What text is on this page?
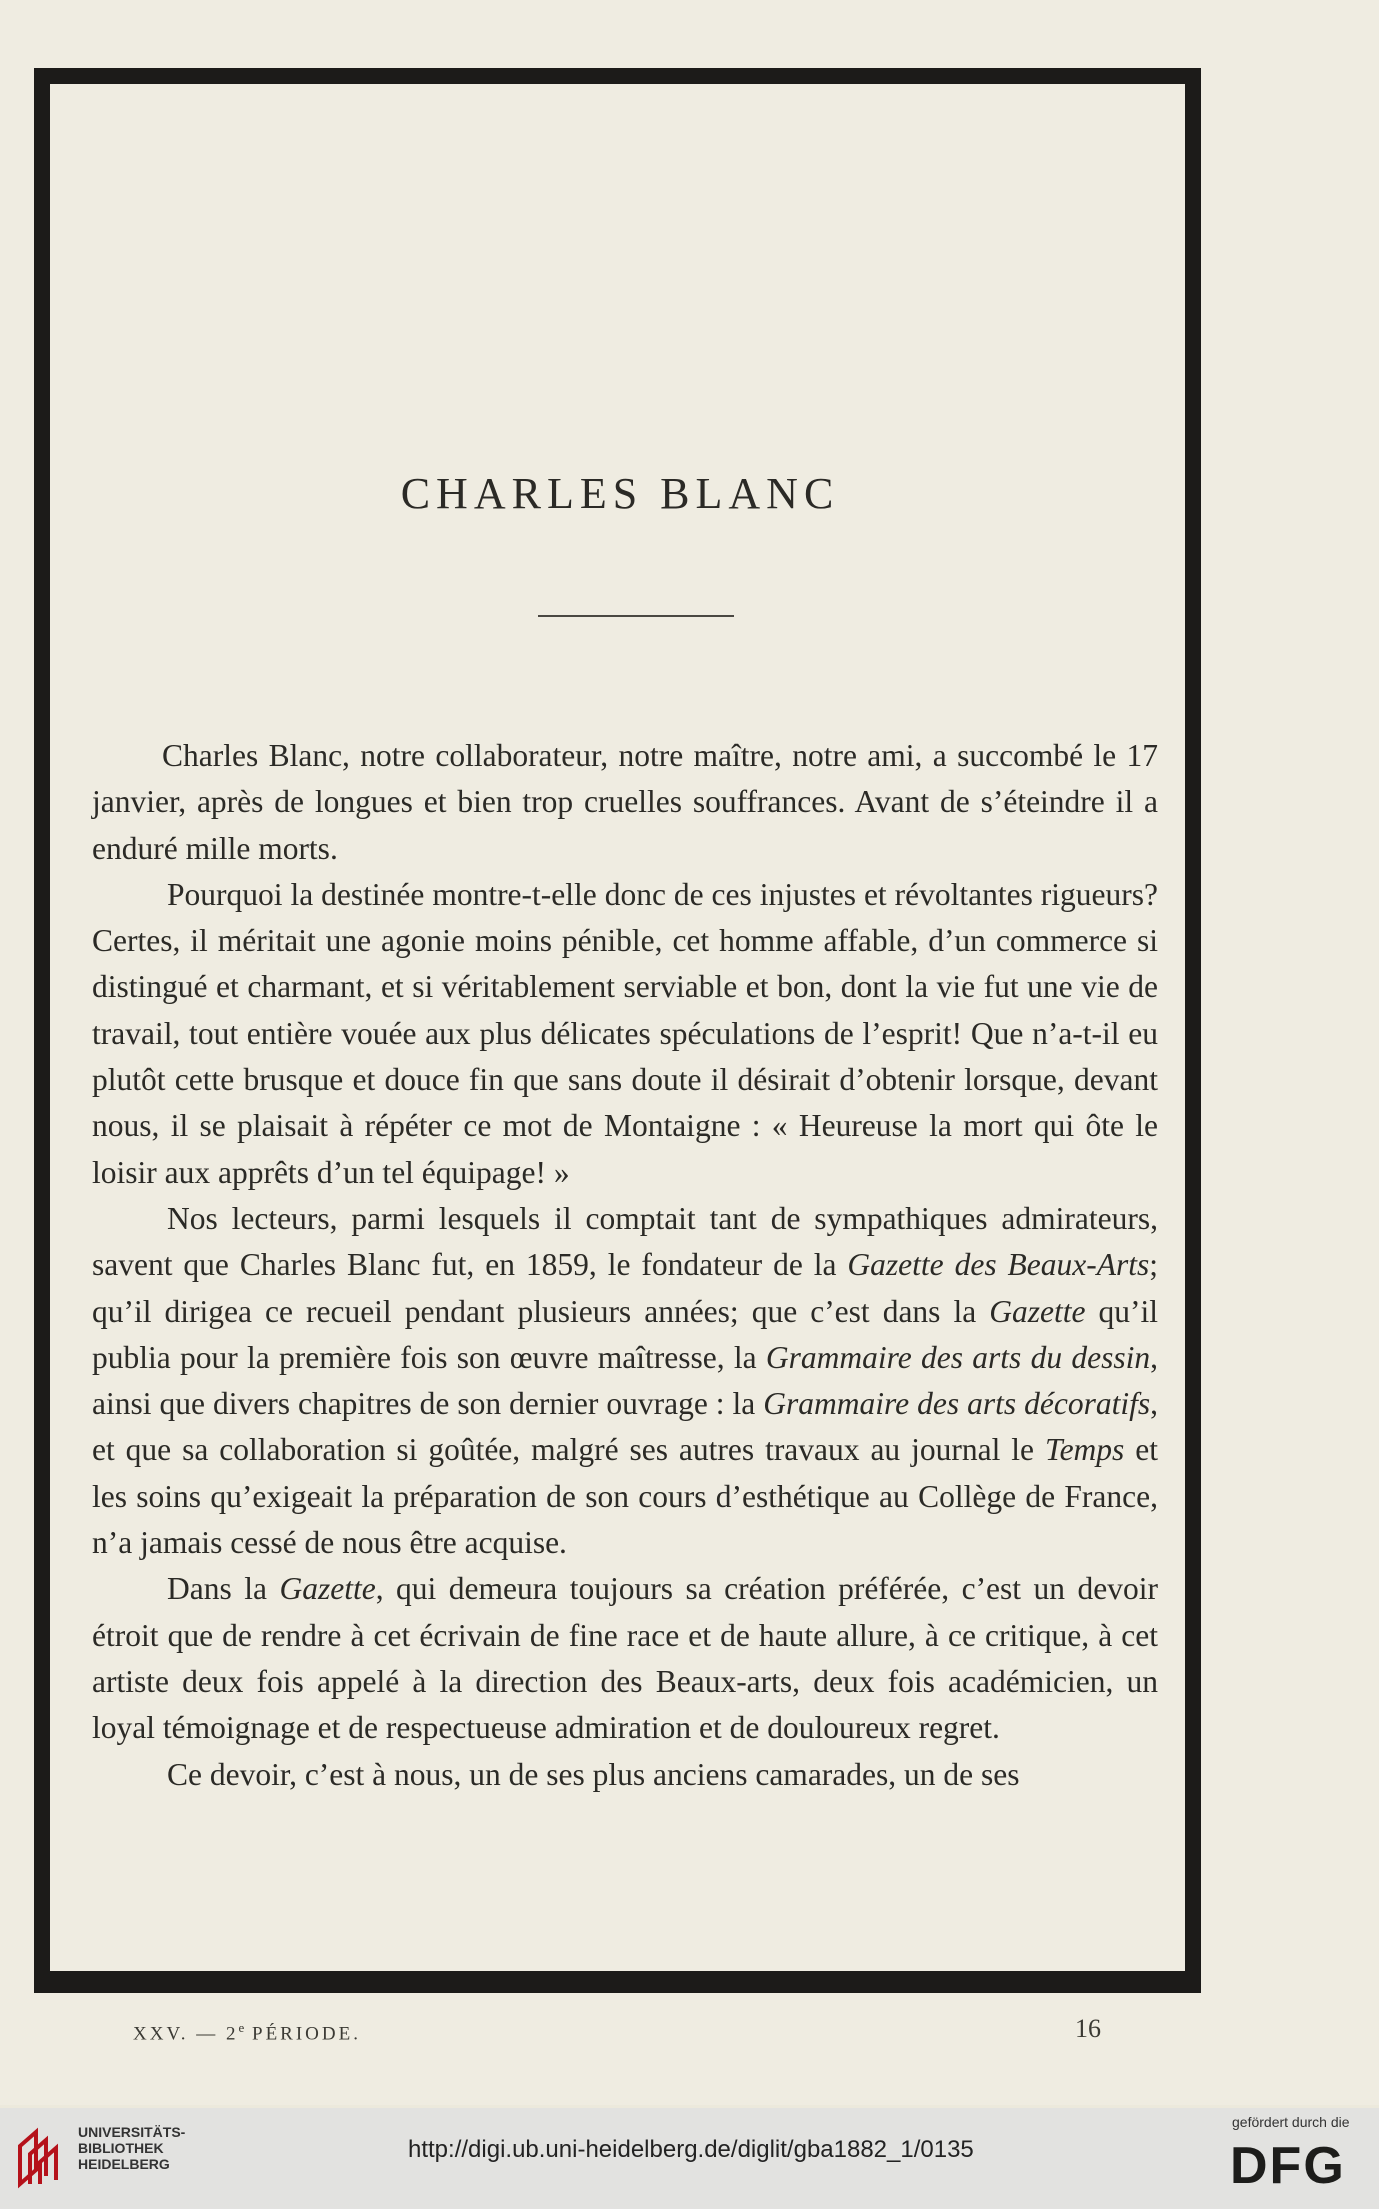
CHARLES BLANC

Charles Blanc, notre collaborateur, notre maître, notre ami, a succombé le 17 janvier, après de longues et bien trop cruelles souffrances. Avant de s’éteindre il a enduré mille morts.

Pourquoi la destinée montre-t-elle donc de ces injustes et révoltantes rigueurs? Certes, il méritait une agonie moins pénible, cet homme affable, d’un commerce si distingué et charmant, et si véritablement serviable et bon, dont la vie fut une vie de travail, tout entière vouée aux plus délicates spéculations de l’esprit! Que n’a-t-il eu plutôt cette brusque et douce fin que sans doute il désirait d’obtenir lorsque, devant nous, il se plaisait à répéter ce mot de Montaigne : « Heureuse la mort qui ôte le loisir aux apprêts d’un tel équipage! »

Nos lecteurs, parmi lesquels il comptait tant de sympathiques admirateurs, savent que Charles Blanc fut, en 1859, le fondateur de la Gazette des Beaux-Arts; qu’il dirigea ce recueil pendant plusieurs années; que c’est dans la Gazette qu’il publia pour la première fois son œuvre maîtresse, la Grammaire des arts du dessin, ainsi que divers chapitres de son dernier ouvrage : la Grammaire des arts décoratifs, et que sa collaboration si goûtée, malgré ses autres travaux au journal le Temps et les soins qu’exigeait la préparation de son cours d’esthétique au Collège de France, n’a jamais cessé de nous être acquise.

Dans la Gazette, qui demeura toujours sa création préférée, c’est un devoir étroit que de rendre à cet écrivain de fine race et de haute allure, à ce critique, à cet artiste deux fois appelé à la direction des Beaux-arts, deux fois académicien, un loyal témoignage et de respectueuse admiration et de douloureux regret.

Ce devoir, c’est à nous, un de ses plus anciens camarades, un de ses

XXV. — 2e PÉRIODE.	16
UNIVERSITÄTS-
BIBLIOTHEK
HEIDELBERG
http://digi.ub.uni-heidelberg.de/diglit/gba1882_1/0135
gefördert durch die
DFG
